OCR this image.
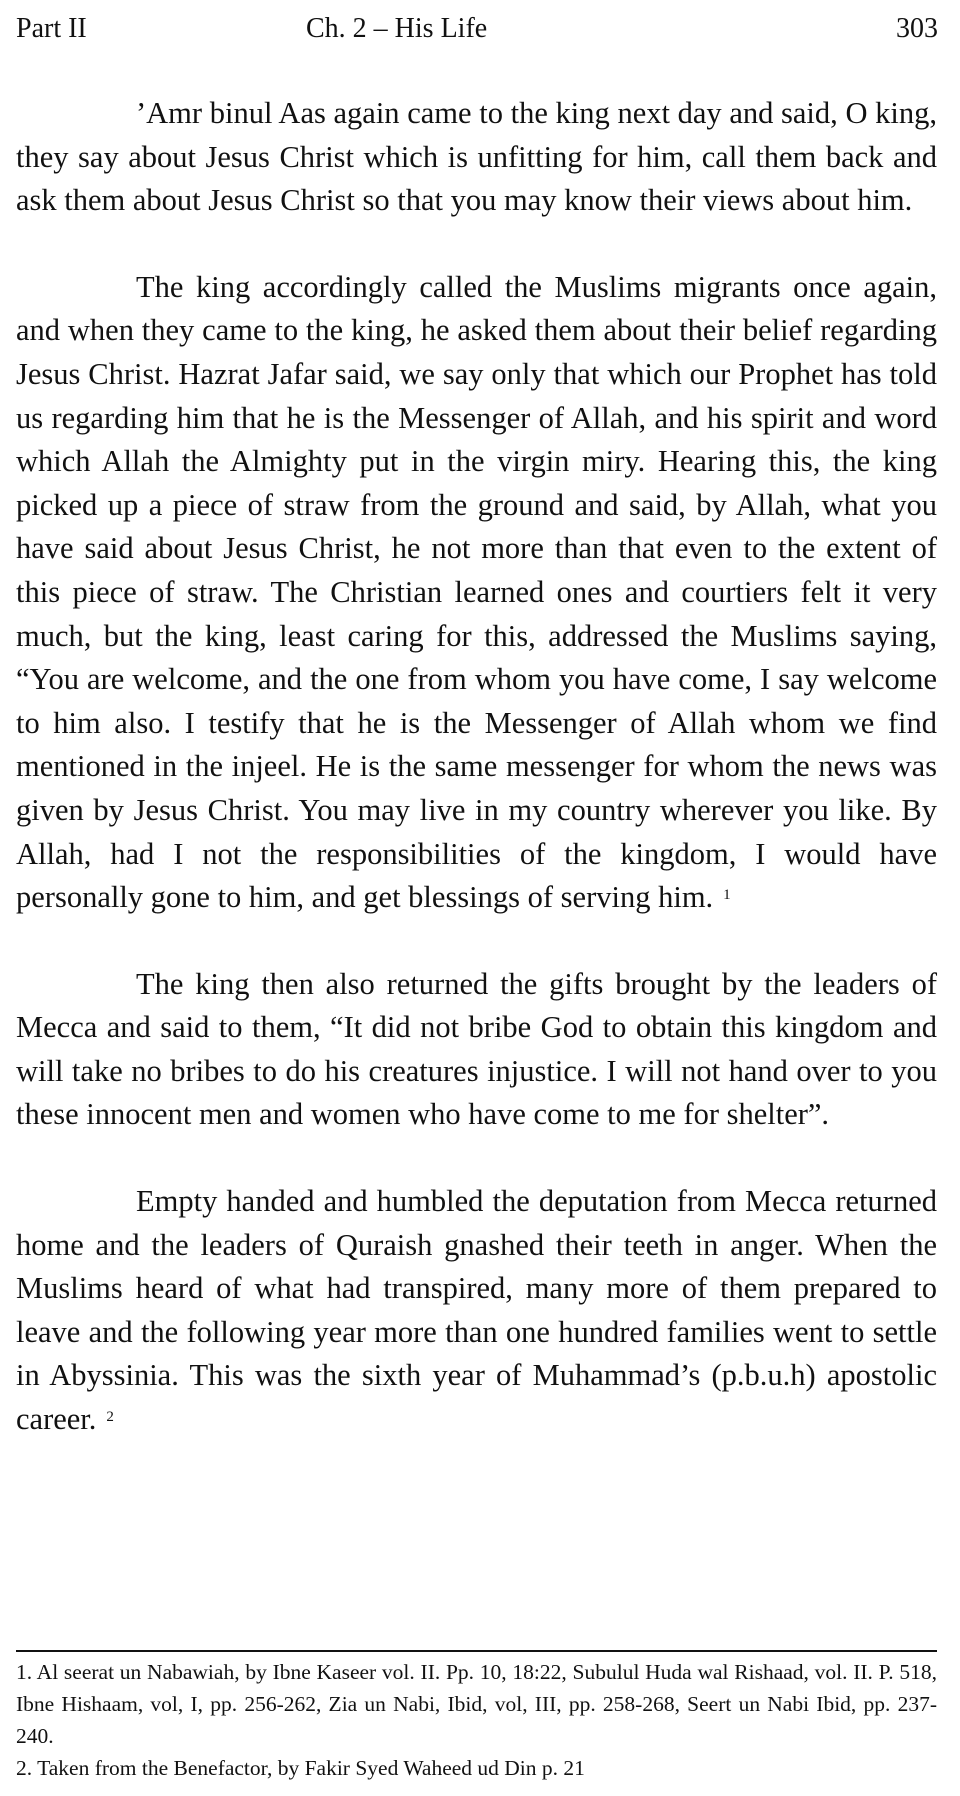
Part II	Ch. 2 – His Life	303

’Amr binul Aas again came to the king next day and said, O king, they say about Jesus Christ which is unfitting for him, call them back and ask them about Jesus Christ so that you may know their views about him.

The king accordingly called the Muslims migrants once again, and when they came to the king, he asked them about their belief regarding Jesus Christ. Hazrat Jafar said, we say only that which our Prophet has told us regarding him that he is the Messenger of Allah, and his spirit and word which Allah the Almighty put in the virgin miry. Hearing this, the king picked up a piece of straw from the ground and said, by Allah, what you have said about Jesus Christ, he not more than that even to the extent of this piece of straw. The Christian learned ones and courtiers felt it very much, but the king, least caring for this, addressed the Muslims saying, “You are welcome, and the one from whom you have come, I say welcome to him also. I testify that he is the Messenger of Allah whom we find mentioned in the injeel. He is the same messenger for whom the news was given by Jesus Christ. You may live in my country wherever you like. By Allah, had I not the responsibilities of the kingdom, I would have personally gone to him, and get blessings of serving him. $^1$

The king then also returned the gifts brought by the leaders of Mecca and said to them, “It did not bribe God to obtain this kingdom and will take no bribes to do his creatures injustice. I will not hand over to you these innocent men and women who have come to me for shelter”.

Empty handed and humbled the deputation from Mecca returned home and the leaders of Quraish gnashed their teeth in anger. When the Muslims heard of what had transpired, many more of them prepared to leave and the following year more than one hundred families went to settle in Abyssinia. This was the sixth year of Muhammad’s (p.b.u.h) apostolic career. $^2$

1. Al seerat un Nabawiah, by Ibne Kaseer vol. II. Pp. 10, 18:22, Subulul Huda wal Rishaad, vol. II. P. 518, Ibne Hishaam, vol, I, pp. 256-262, Zia un Nabi, Ibid, vol, III, pp. 258-268, Seert un Nabi Ibid, pp. 237-240.

2. Taken from the Benefactor, by Fakir Syed Waheed ud Din p. 21
